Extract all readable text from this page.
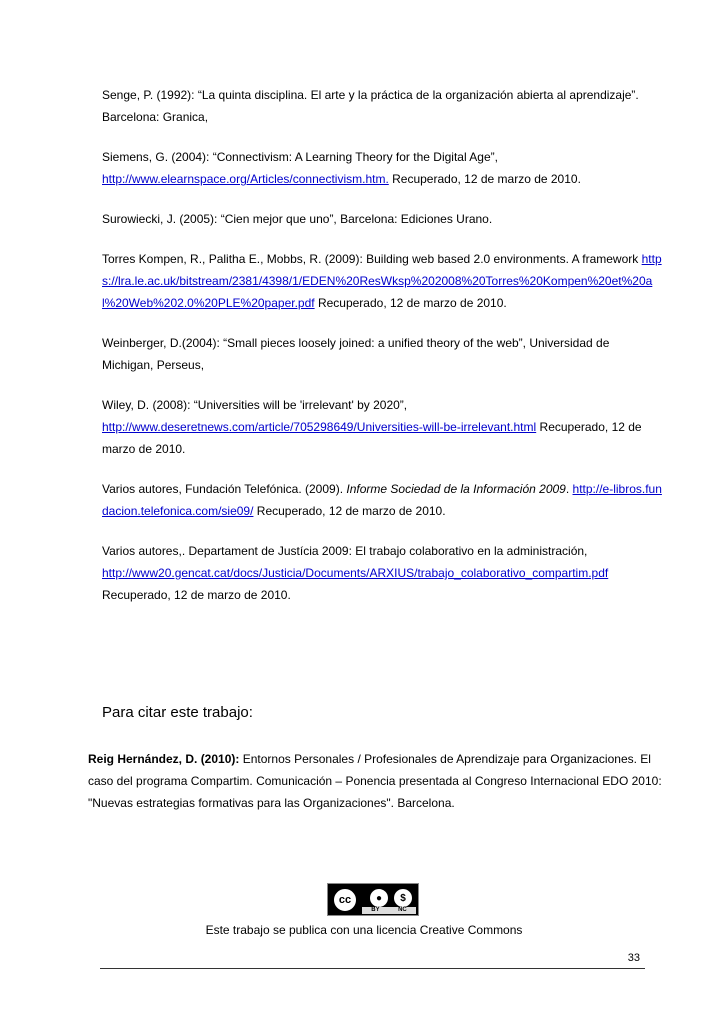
Senge, P. (1992): “La quinta disciplina. El arte y la práctica de la organización abierta al aprendizaje”. Barcelona: Granica,

Siemens, G. (2004): “Connectivism: A Learning Theory for the Digital Age”,
http://www.elearnspace.org/Articles/connectivism.htm. Recuperado, 12 de marzo de 2010.

Surowiecki, J. (2005): “Cien mejor que uno”, Barcelona: Ediciones Urano.

Torres Kompen, R., Palitha E., Mobbs, R. (2009): Building web based 2.0 environments. A framework https://lra.le.ac.uk/bitstream/2381/4398/1/EDEN%20ResWksp%202008%20Torres%20Kompen%20et%20al%20Web%202.0%20PLE%20paper.pdf Recuperado, 12 de marzo de 2010.

Weinberger, D.(2004): “Small pieces loosely joined: a unified theory of the web”, Universidad de Michigan, Perseus,

Wiley, D. (2008): “Universities will be 'irrelevant' by 2020”,
http://www.deseretnews.com/article/705298649/Universities-will-be-irrelevant.html Recuperado, 12 de marzo de 2010.

Varios autores, Fundación Telefónica. (2009). Informe Sociedad de la Información 2009. http://e-libros.fundacion.telefonica.com/sie09/ Recuperado, 12 de marzo de 2010.

Varios autores,. Departament de Justícia 2009: El trabajo colaborativo en la administración,
http://www20.gencat.cat/docs/Justicia/Documents/ARXIUS/trabajo_colaborativo_compartim.pdf
Recuperado, 12 de marzo de 2010.

Para citar este trabajo:
Reig Hernández, D. (2010): Entornos Personales / Profesionales de Aprendizaje para Organizaciones. El caso del programa Compartim. Comunicación – Ponencia presentada al Congreso Internacional EDO 2010: "Nuevas estrategias formativas para las Organizaciones". Barcelona.
cc	●	$
BY	NC
Este trabajo se publica con una licencia Creative Commons
33
